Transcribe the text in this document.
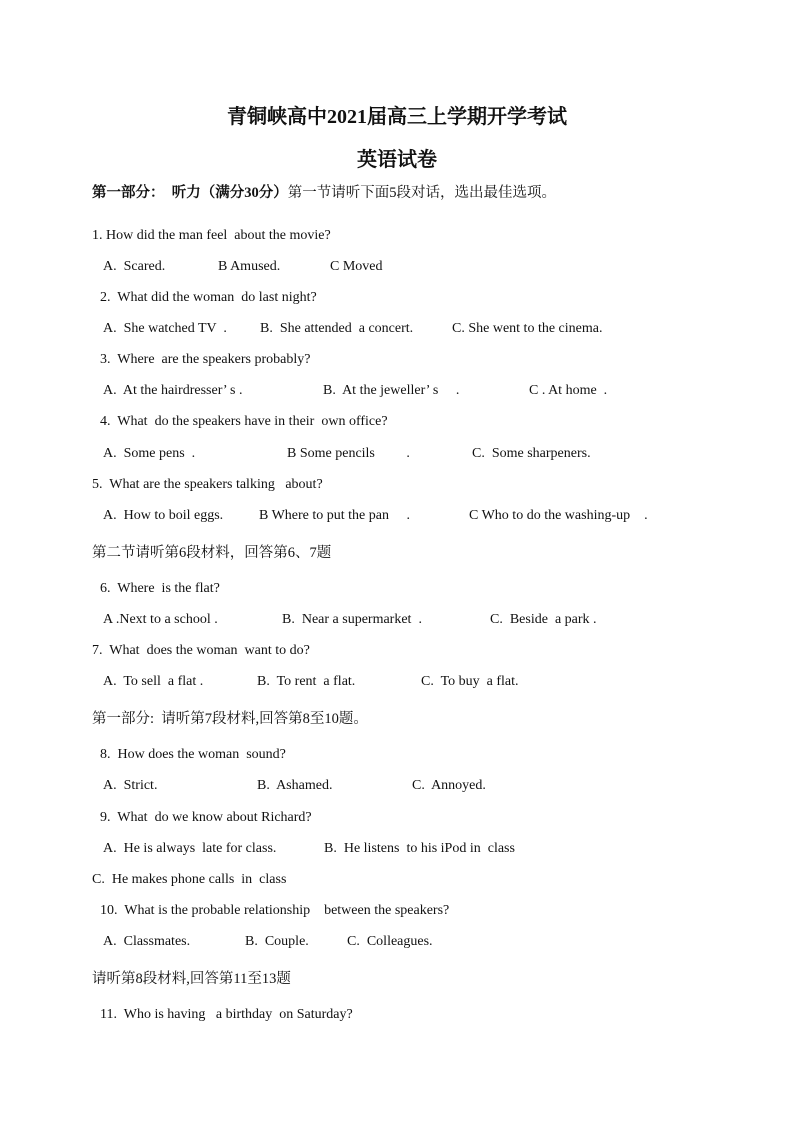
青铜峡高中2021届高三上学期开学考试
英语试卷
第一部分：  听力（满分30分）第一节请听下面5段对话，选出最佳选项。
1. How did the man feel  about the movie?
A.  Scared.	B Amused.	C Moved
2.  What did the woman  do last night?
A.  She watched TV  . B.  She attended  a concert.	C. She went to the cinema.
3.  Where  are the speakers probably?
A.  At the hairdresser’ s .	B.  At the jeweller’ s     .	C . At home  .
4.  What  do the speakers have in their  own office?
A.  Some pens  .	B Some pencils         .	C.  Some sharpeners.
5.  What are the speakers talking   about?
A.  How to boil eggs.	B Where to put the pan     .	C Who to do the washing-up    .
第二节请听第6段材料，回答第6、7题
6.  Where  is the flat?
A .Next to a school .	B.  Near a supermarket  .	C.  Beside  a park .
7.  What  does the woman  want to do?
A.  To sell  a flat .	B.  To rent  a flat.	C.  To buy  a flat.
第一部分:  请听第7段材料,回答第8至10题。
8.  How does the woman  sound?
A.  Strict.	B.  Ashamed.	C.  Annoyed.
9.  What  do we know about Richard?
A.  He is always  late for class.	B.  He listens  to his iPod in  class
C.  He makes phone calls  in  class
10.  What is the probable relationship    between the speakers?
A.  Classmates.	B.  Couple.	C.  Colleagues.
请听第8段材料,回答第11至13题
11.  Who is having   a birthday  on Saturday?
